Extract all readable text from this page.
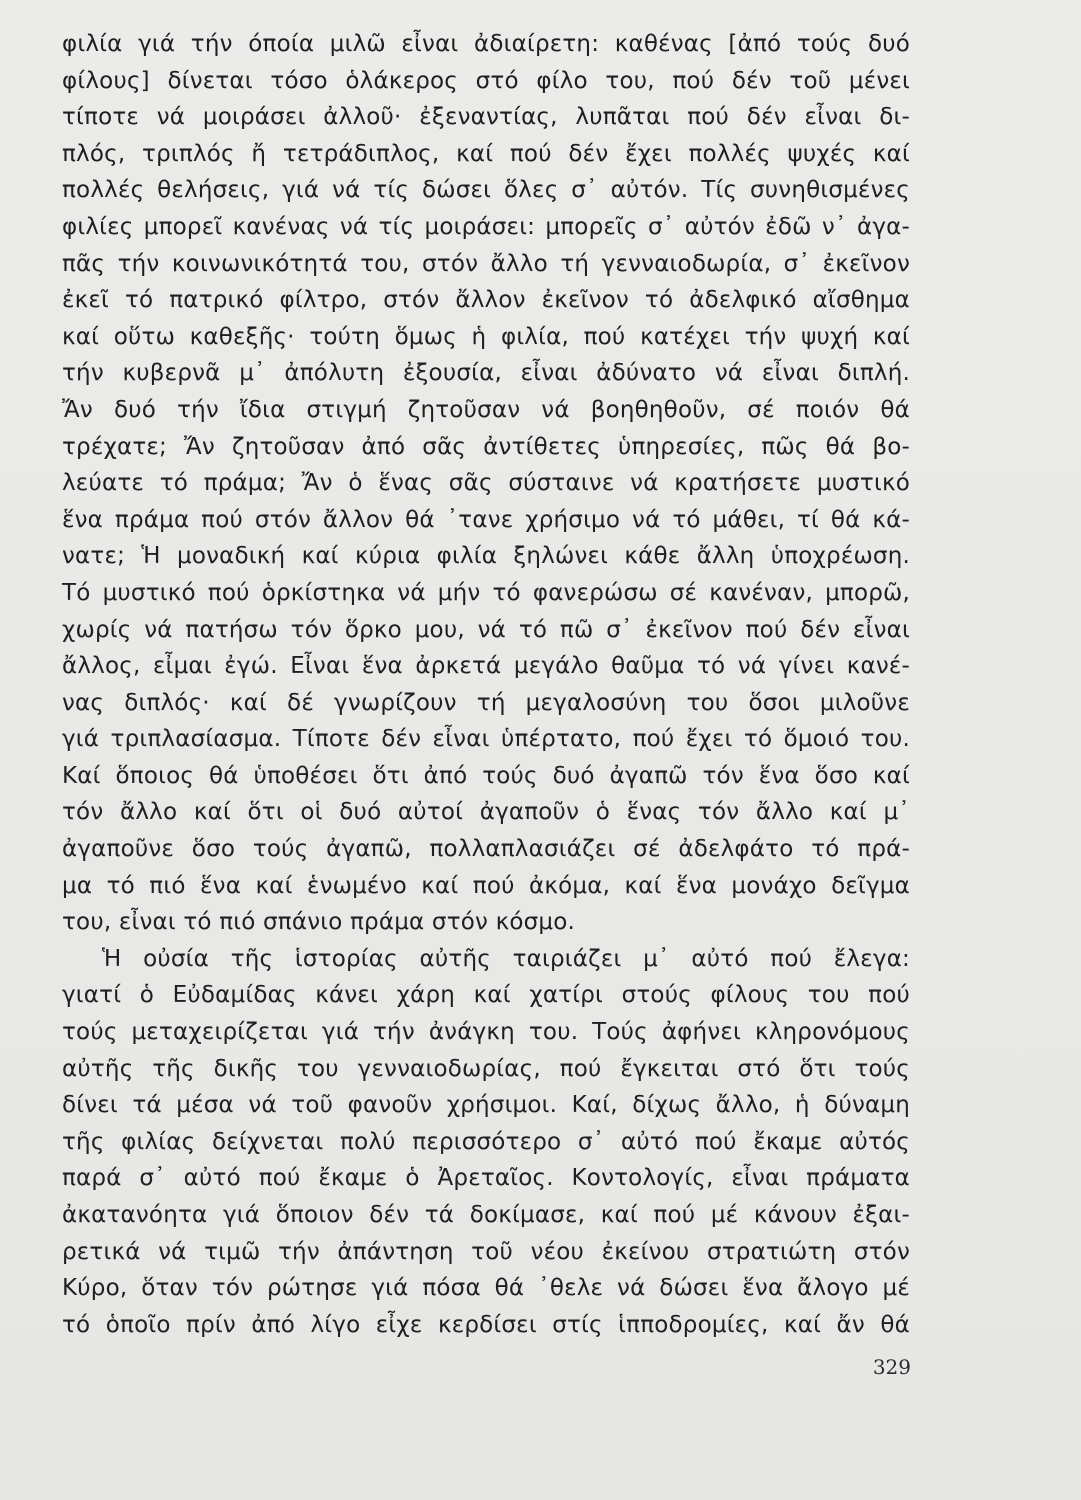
φιλία γιά τήν όποία μιλῶ εἶναι ἀδιαίρετη: καθένας [ἀπό τούς δυό
φίλους] δίνεται τόσο ὁλάκερος στό φίλο του, πού δέν τοῦ μένει
τίποτε νά μοιράσει ἀλλοῦ· ἐξεναντίας, λυπᾶται πού δέν εἶναι δι-
πλός, τριπλός ἤ τετράδιπλος, καί πού δέν ἔχει πολλές ψυχές καί
πολλές θελήσεις, γιά νά τίς δώσει ὅλες σ᾿ αὐτόν. Τίς συνηθισμένες
φιλίες μπορεῖ κανένας νά τίς μοιράσει: μπορεῖς σ᾿ αὐτόν ἐδῶ ν᾿ ἀγα-
πᾶς τήν κοινωνικότητά του, στόν ἄλλο τή γενναιοδωρία, σ᾿ ἐκεῖνον
ἐκεῖ τό πατρικό φίλτρο, στόν ἄλλον ἐκεῖνον τό ἀδελφικό αἴσθημα
καί οὕτω καθεξῆς· τούτη ὅμως ἡ φιλία, πού κατέχει τήν ψυχή καί
τήν κυβερνᾶ μ᾿ ἀπόλυτη ἐξουσία, εἶναι ἀδύνατο νά εἶναι διπλή.
Ἄν δυό τήν ἴδια στιγμή ζητοῦσαν νά βοηθηθοῦν, σέ ποιόν θά
τρέχατε; Ἄν ζητοῦσαν ἀπό σᾶς ἀντίθετες ὑπηρεσίες, πῶς θά βο-
λεύατε τό πράμα; Ἄν ὁ ἕνας σᾶς σύσταινε νά κρατήσετε μυστικό
ἕνα πράμα πού στόν ἄλλον θά ᾿τανε χρήσιμο νά τό μάθει, τί θά κά-
νατε; Ἡ μοναδική καί κύρια φιλία ξηλώνει κάθε ἄλλη ὑποχρέωση.
Τό μυστικό πού ὁρκίστηκα νά μήν τό φανερώσω σέ κανέναν, μπορῶ,
χωρίς νά πατήσω τόν ὅρκο μου, νά τό πῶ σ᾿ ἐκεῖνον πού δέν εἶναι
ἄλλος, εἶμαι ἐγώ. Εἶναι ἕνα ἀρκετά μεγάλο θαῦμα τό νά γίνει κανέ-
νας διπλός· καί δέ γνωρίζουν τή μεγαλοσύνη του ὅσοι μιλοῦνε
γιά τριπλασίασμα. Τίποτε δέν εἶναι ὑπέρτατο, πού ἔχει τό ὅμοιό του.
Καί ὅποιος θά ὑποθέσει ὅτι ἀπό τούς δυό ἀγαπῶ τόν ἕνα ὅσο καί
τόν ἄλλο καί ὅτι οἱ δυό αὐτοί ἀγαποῦν ὁ ἕνας τόν ἄλλο καί μ᾿
ἀγαποῦνε ὅσο τούς ἀγαπῶ, πολλαπλασιάζει σέ ἀδελφάτο τό πρά-
μα τό πιό ἕνα καί ἑνωμένο καί πού ἀκόμα, καί ἕνα μονάχο δεῖγμα
του, εἶναι τό πιό σπάνιο πράμα στόν κόσμο.
Ἡ οὐσία τῆς ἱστορίας αὐτῆς ταιριάζει μ᾿ αὐτό πού ἔλεγα:
γιατί ὁ Εὐδαμίδας κάνει χάρη καί χατίρι στούς φίλους του πού
τούς μεταχειρίζεται γιά τήν ἀνάγκη του. Τούς ἀφήνει κληρονόμους
αὐτῆς τῆς δικῆς του γενναιοδωρίας, πού ἔγκειται στό ὅτι τούς
δίνει τά μέσα νά τοῦ φανοῦν χρήσιμοι. Καί, δίχως ἄλλο, ἡ δύναμη
τῆς φιλίας δείχνεται πολύ περισσότερο σ᾿ αὐτό πού ἔκαμε αὐτός
παρά σ᾿ αὐτό πού ἔκαμε ὁ Ἀρεταῖος. Κοντολογίς, εἶναι πράματα
ἀκατανόητα γιά ὅποιον δέν τά δοκίμασε, καί πού μέ κάνουν ἐξαι-
ρετικά νά τιμῶ τήν ἀπάντηση τοῦ νέου ἐκείνου στρατιώτη στόν
Κύρο, ὅταν τόν ρώτησε γιά πόσα θά ᾿θελε νά δώσει ἕνα ἄλογο μέ
τό ὁποῖο πρίν ἀπό λίγο εἶχε κερδίσει στίς ἱπποδρομίες, καί ἄν θά
329
